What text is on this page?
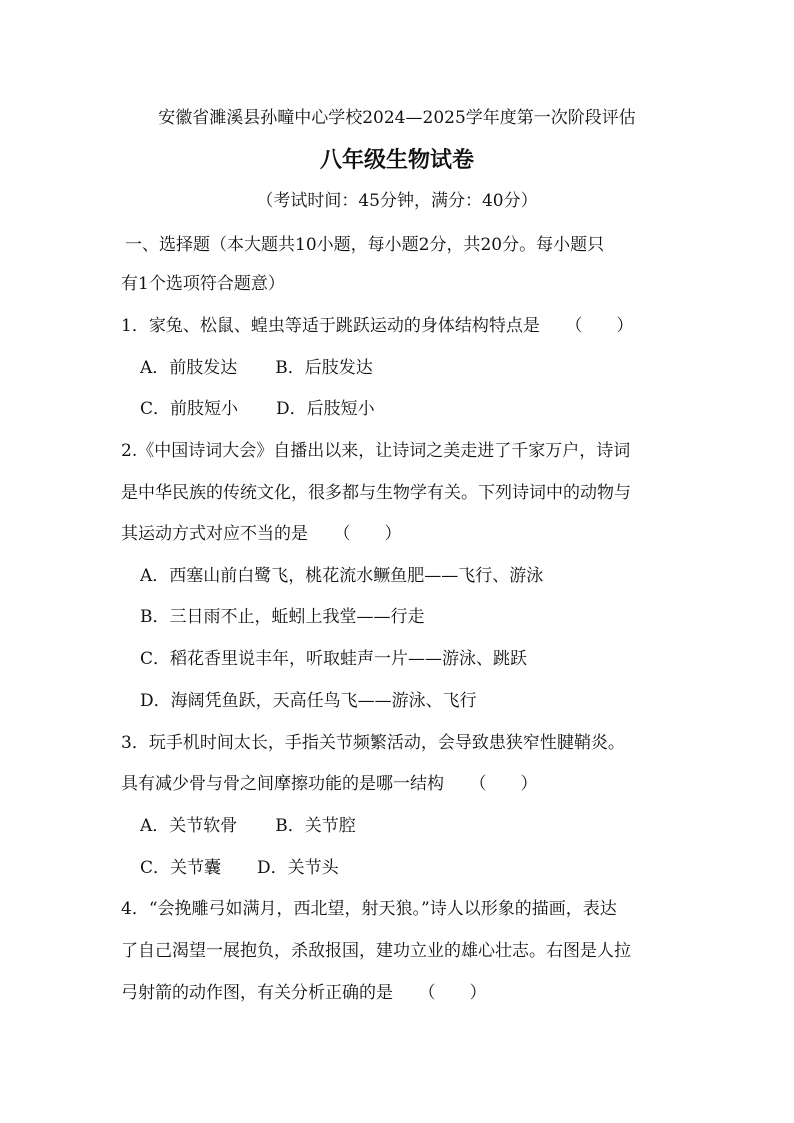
安徽省濉溪县孙疃中心学校2024—2025学年度第一次阶段评估
八年级生物试卷
（考试时间：45分钟，满分：40分）
一、选择题（本大题共10小题，每小题2分，共20分。每小题只
有1个选项符合题意）
1．家兔、松鼠、蝗虫等适于跳跃运动的身体结构特点是　　（　　）
A．前肢发达 B．后肢发达
C．前肢短小 D．后肢短小
2.《中国诗词大会》自播出以来，让诗词之美走进了千家万户，诗词
是中华民族的传统文化，很多都与生物学有关。下列诗词中的动物与
其运动方式对应不当的是　　（　　）
A．西塞山前白鹭飞，桃花流水鳜鱼肥——飞行、游泳
B．三日雨不止，蚯蚓上我堂——行走
C．稻花香里说丰年，听取蛙声一片——游泳、跳跃
D．海阔凭鱼跃，天高任鸟飞——游泳、飞行
3．玩手机时间太长，手指关节频繁活动，会导致患狭窄性腱鞘炎。
具有减少骨与骨之间摩擦功能的是哪一结构　　（　　）
A．关节软骨 B．关节腔
C．关节囊 D．关节头
4．“会挽雕弓如满月，西北望，射天狼。”诗人以形象的描画，表达
了自己渴望一展抱负，杀敌报国，建功立业的雄心壮志。右图是人拉
弓射箭的动作图，有关分析正确的是　　（　　）
